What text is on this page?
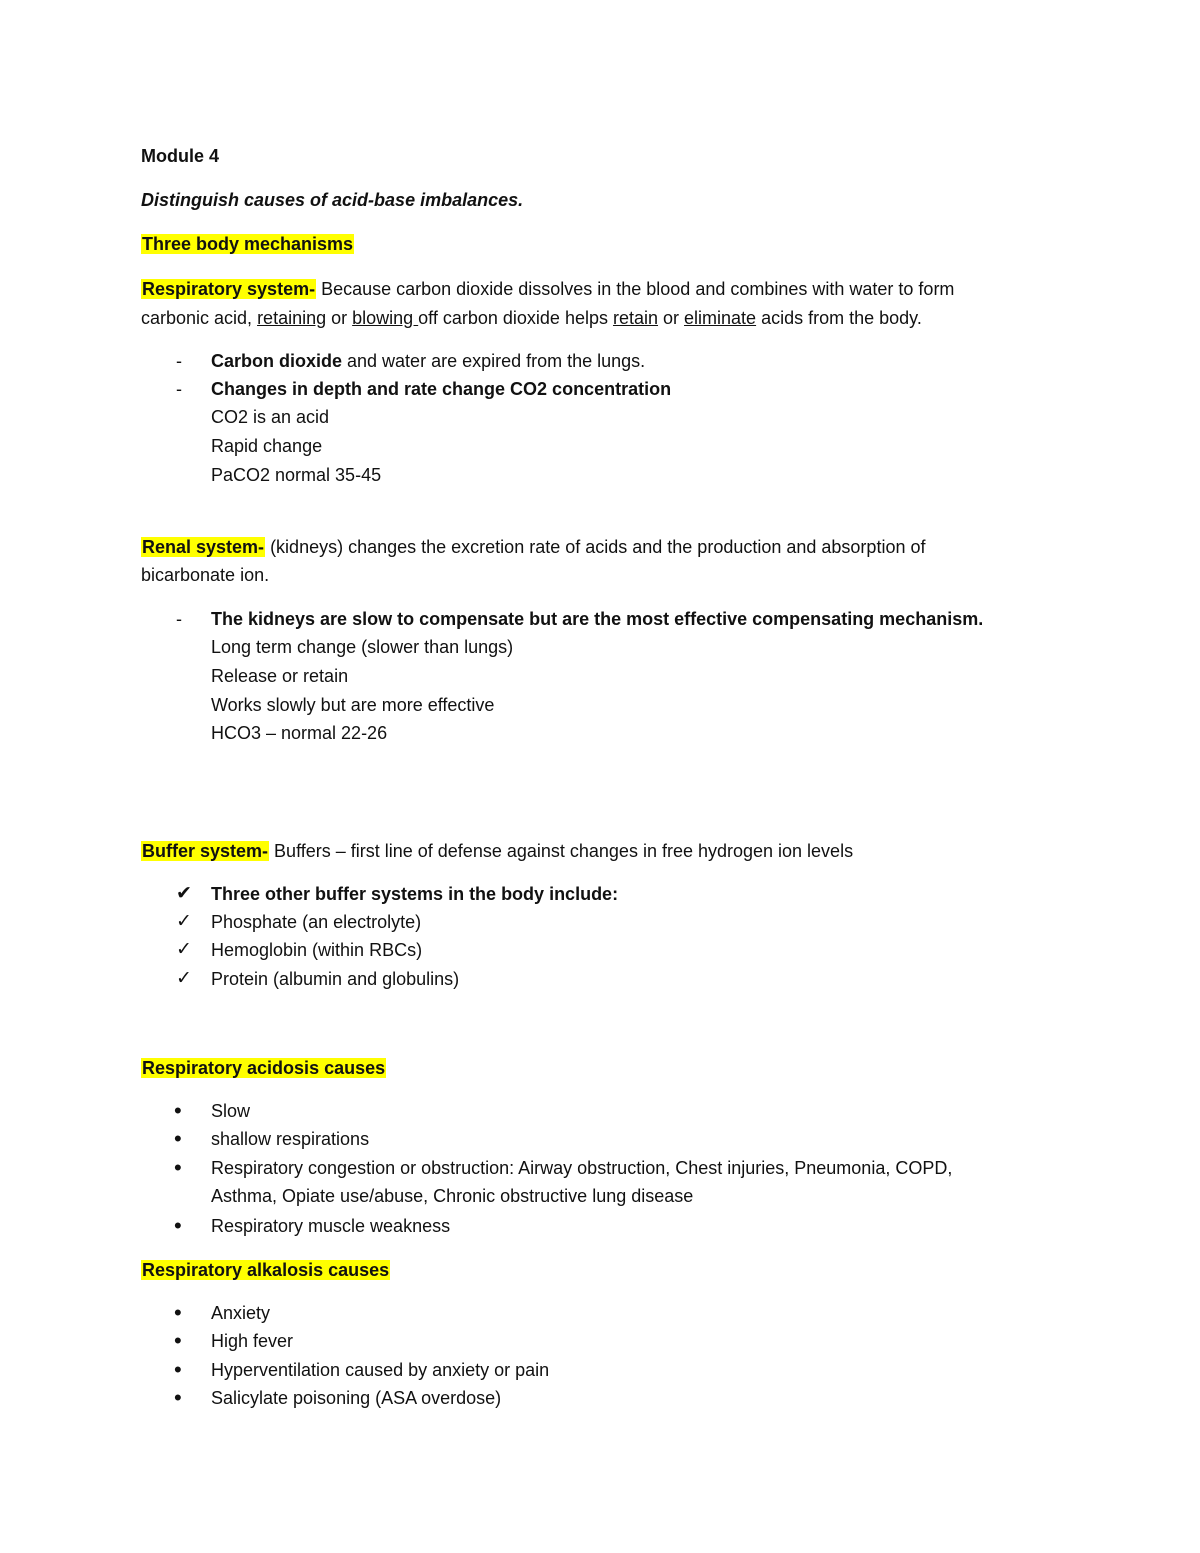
Module 4
Distinguish causes of acid-base imbalances.
Three body mechanisms
Respiratory system- Because carbon dioxide dissolves in the blood and combines with water to form
carbonic acid, retaining or blowing off carbon dioxide helps retain or eliminate acids from the body.
- Carbon dioxide and water are expired from the lungs.
- Changes in depth and rate change CO2 concentration
CO2 is an acid
Rapid change
PaCO2 normal 35-45
Renal system- (kidneys) changes the excretion rate of acids and the production and absorption of
bicarbonate ion.
- The kidneys are slow to compensate but are the most effective compensating mechanism.
Long term change (slower than lungs)
Release or retain
Works slowly but are more effective
HCO3 – normal 22-26
Buffer system- Buffers – first line of defense against changes in free hydrogen ion levels
✔ Three other buffer systems in the body include:
✓ Phosphate (an electrolyte)
✓ Hemoglobin (within RBCs)
✓ Protein (albumin and globulins)
Respiratory acidosis causes
• Slow
• shallow respirations
• Respiratory congestion or obstruction: Airway obstruction, Chest injuries, Pneumonia, COPD,
Asthma, Opiate use/abuse, Chronic obstructive lung disease
• Respiratory muscle weakness
Respiratory alkalosis causes
• Anxiety
• High fever
• Hyperventilation caused by anxiety or pain
• Salicylate poisoning (ASA overdose)
